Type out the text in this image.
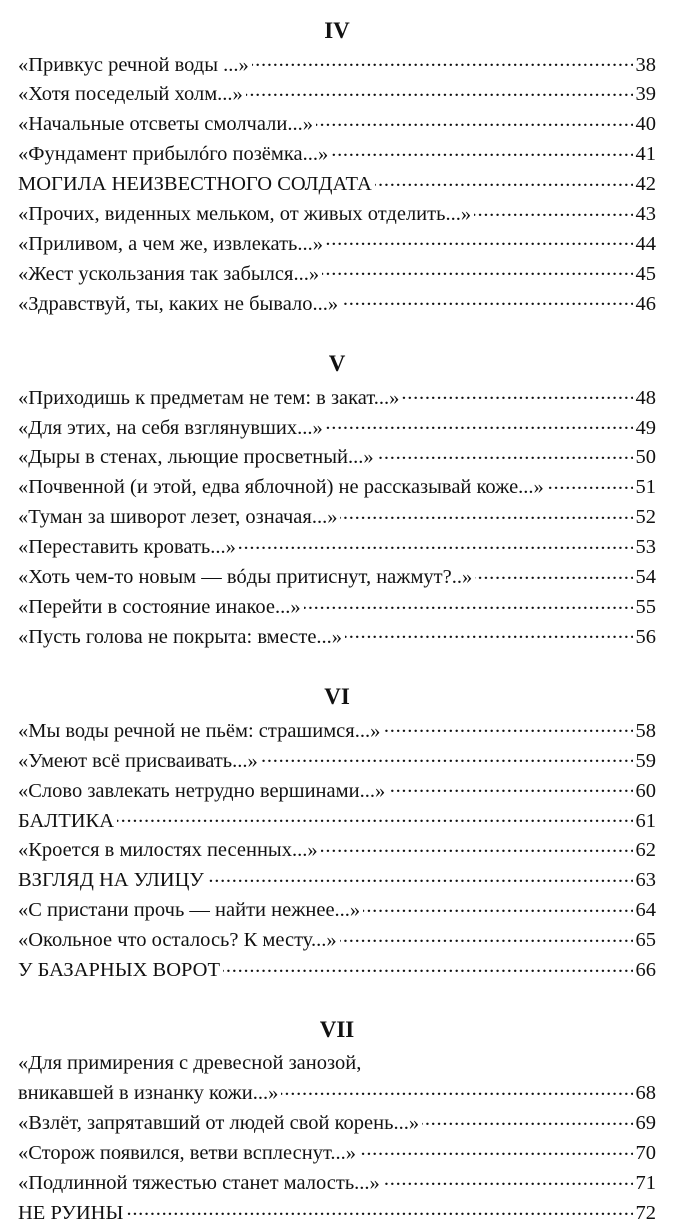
IV
«Привкус речной воды ...» . . .	38
«Хотя поседелый холм...» . . .	39
«Начальные отсветы смолчали...» . . .	40
«Фундамент прибылóго позёмка...» . . .	41
МОГИЛА НЕИЗВЕСТНОГО СОЛДАТА . . .	42
«Прочих, виденных мельком, от живых отделить...» . . .	43
«Приливом, а чем же, извлекать...» . . .	44
«Жест ускользания так забылся...» . . .	45
«Здравствуй, ты, каких не бывало...» . . .	46
V
«Приходишь к предметам не тем: в закат...» . . .	48
«Для этих, на себя взглянувших...» . . .	49
«Дыры в стенах, льющие просветный...» . . .	50
«Почвенной (и этой, едва яблочной) не рассказывай коже...» . . .	51
«Туман за шиворот лезет, означая...» . . .	52
«Переставить кровать...» . . .	53
«Хоть чем-то новым — вóды притиснут, нажмут?..» . . .	54
«Перейти в состояние инакое...» . . .	55
«Пусть голова не покрыта: вместе...» . . .	56
VI
«Мы воды речной не пьём: страшимся...» . . .	58
«Умеют всё присваивать...» . . .	59
«Слово завлекать нетрудно вершинами...» . . .	60
БАЛТИКА . . .	61
«Кроется в милостях песенных...» . . .	62
ВЗГЛЯД НА УЛИЦУ . . .	63
«С пристани прочь — найти нежнее...» . . .	64
«Окольное что осталось? К месту...» . . .	65
У БАЗАРНЫХ ВОРОТ . . .	66
VII
«Для примирения с древесной занозой,
вникавшей в изнанку кожи...» . . .	68
«Взлёт, запрятавший от людей свой корень...» . . .	69
«Сторож появился, ветви всплеснут...» . . .	70
«Подлинной тяжестью станет малость...» . . .	71
НЕ РУИНЫ . . .	72
